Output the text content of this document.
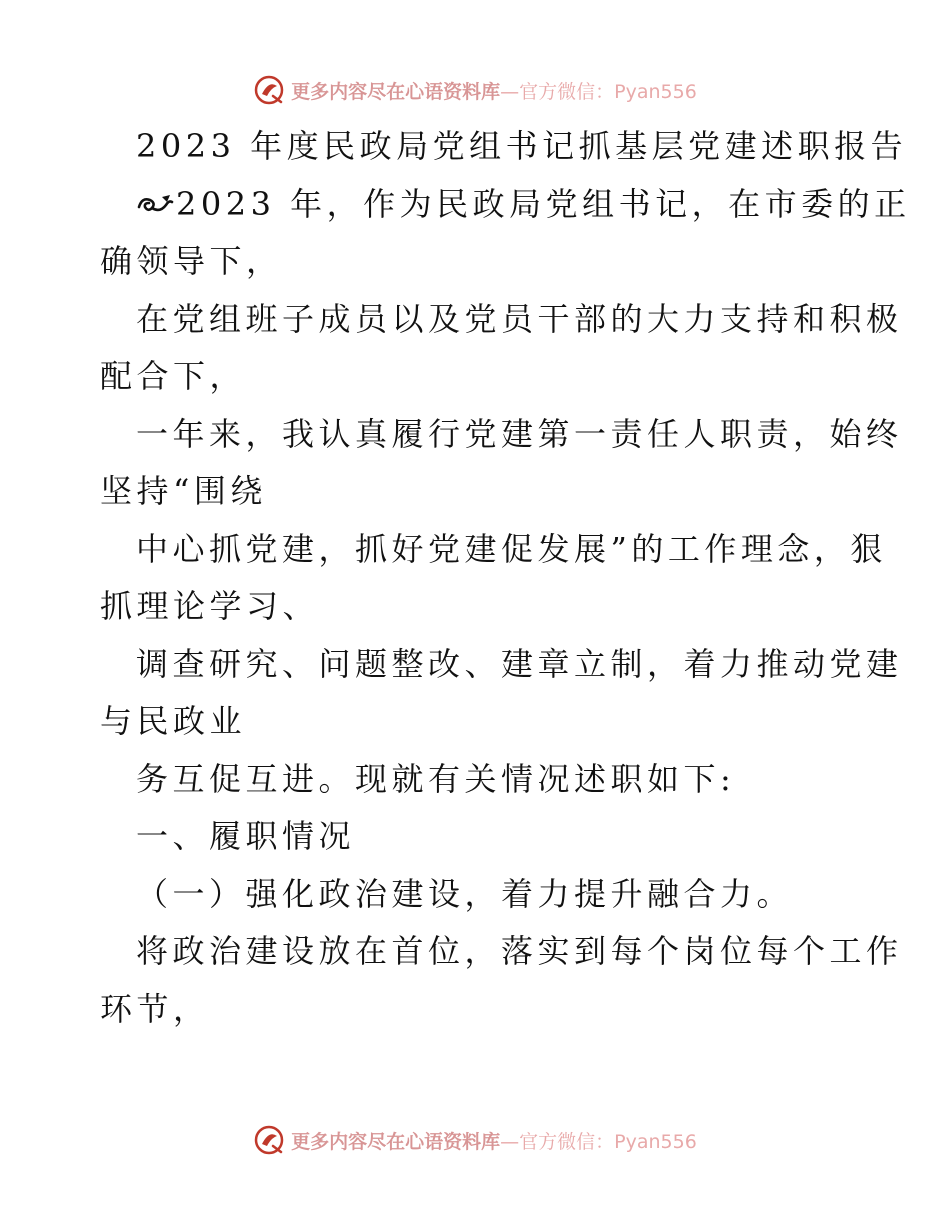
更多内容尽在心语资料库—官方微信：Pyan556
2023 年度民政局党组书记抓基层党建述职报告
2023 年，作为民政局党组书记，在市委的正
确领导下，
在党组班子成员以及党员干部的大力支持和积极
配合下，
一年来，我认真履行党建第一责任人职责，始终
坚持“围绕
中心抓党建，抓好党建促发展”的工作理念，狠
抓理论学习、
调查研究、问题整改、建章立制，着力推动党建
与民政业
务互促互进。现就有关情况述职如下:
一、履职情况
（一）强化政治建设，着力提升融合力。
将政治建设放在首位，落实到每个岗位每个工作
环节，
更多内容尽在心语资料库—官方微信：Pyan556
